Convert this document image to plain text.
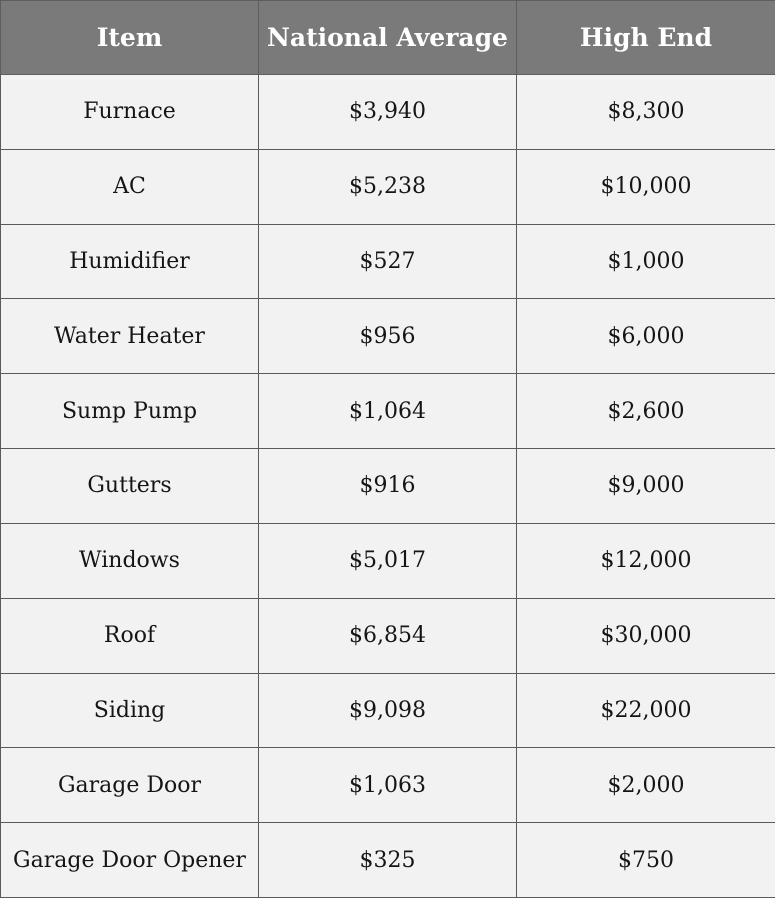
Item	National Average	High End
Furnace	$3,940	$8,300
AC	$5,238	$10,000
Humidifier	$527	$1,000
Water Heater	$956	$6,000
Sump Pump	$1,064	$2,600
Gutters	$916	$9,000
Windows	$5,017	$12,000
Roof	$6,854	$30,000
Siding	$9,098	$22,000
Garage Door	$1,063	$2,000
Garage Door Opener	$325	$750
